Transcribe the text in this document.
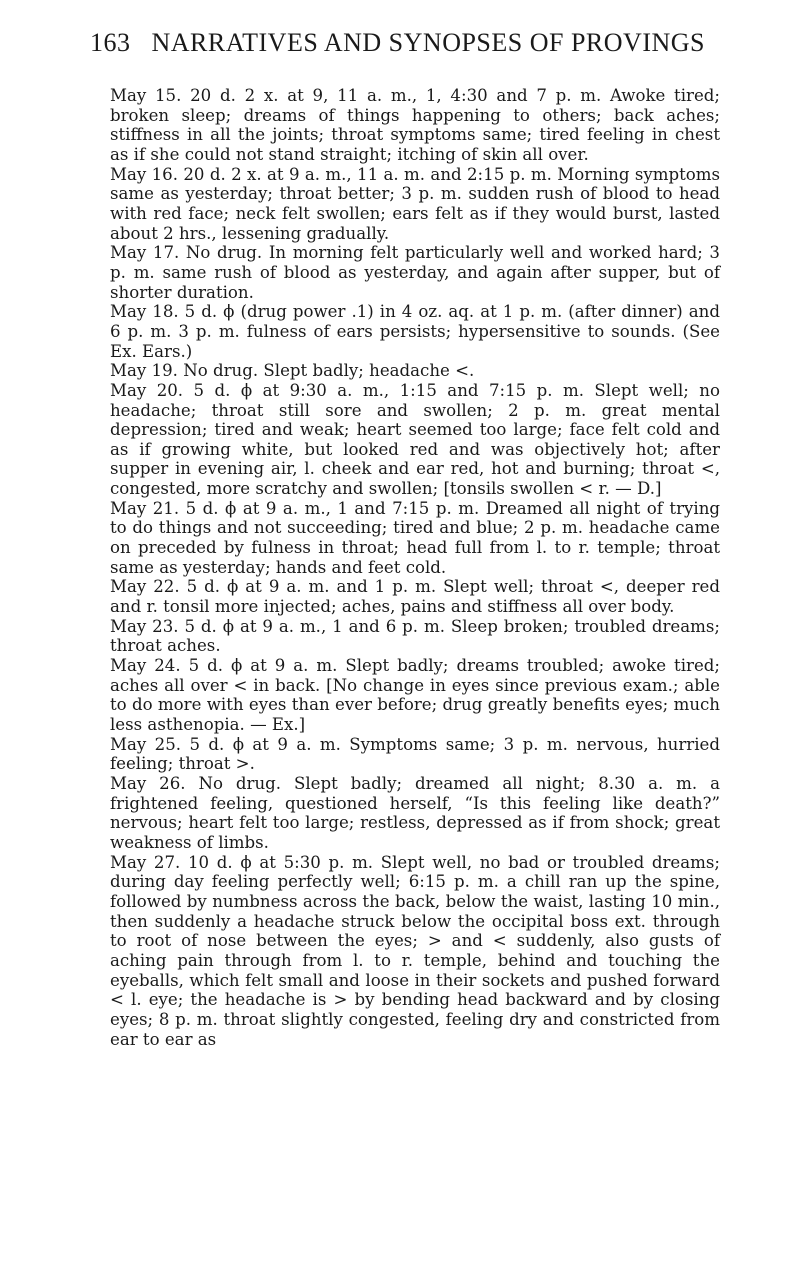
163 NARRATIVES AND SYNOPSES OF PROVINGS

May 15. 20 d. 2 x. at 9, 11 a. m., 1, 4:30 and 7 p. m. Awoke tired; broken sleep; dreams of things happening to others; back aches; stiffness in all the joints; throat symptoms same; tired feeling in chest as if she could not stand straight; itching of skin all over.

May 16. 20 d. 2 x. at 9 a. m., 11 a. m. and 2:15 p. m. Morning symptoms same as yesterday; throat better; 3 p. m. sudden rush of blood to head with red face; neck felt swollen; ears felt as if they would burst, lasted about 2 hrs., lessening gradually.

May 17. No drug. In morning felt particularly well and worked hard; 3 p. m. same rush of blood as yesterday, and again after supper, but of shorter duration.

May 18. 5 d. ϕ (drug power .1) in 4 oz. aq. at 1 p. m. (after dinner) and 6 p. m. 3 p. m. fulness of ears persists; hypersensitive to sounds. (See Ex. Ears.)

May 19. No drug. Slept badly; headache <.

May 20. 5 d. ϕ at 9:30 a. m., 1:15 and 7:15 p. m. Slept well; no headache; throat still sore and swollen; 2 p. m. great mental depression; tired and weak; heart seemed too large; face felt cold and as if growing white, but looked red and was objectively hot; after supper in evening air, l. cheek and ear red, hot and burning; throat <, congested, more scratchy and swollen; [tonsils swollen < r. — D.]

May 21. 5 d. ϕ at 9 a. m., 1 and 7:15 p. m. Dreamed all night of trying to do things and not succeeding; tired and blue; 2 p. m. headache came on preceded by fulness in throat; head full from l. to r. temple; throat same as yesterday; hands and feet cold.

May 22. 5 d. ϕ at 9 a. m. and 1 p. m. Slept well; throat <, deeper red and r. tonsil more injected; aches, pains and stiffness all over body.

May 23. 5 d. ϕ at 9 a. m., 1 and 6 p. m. Sleep broken; troubled dreams; throat aches.

May 24. 5 d. ϕ at 9 a. m. Slept badly; dreams troubled; awoke tired; aches all over < in back. [No change in eyes since previous exam.; able to do more with eyes than ever before; drug greatly benefits eyes; much less asthenopia. — Ex.]

May 25. 5 d. ϕ at 9 a. m. Symptoms same; 3 p. m. nervous, hurried feeling; throat >.

May 26. No drug. Slept badly; dreamed all night; 8.30 a. m. a frightened feeling, questioned herself, “Is this feeling like death?” nervous; heart felt too large; restless, depressed as if from shock; great weakness of limbs.

May 27. 10 d. ϕ at 5:30 p. m. Slept well, no bad or troubled dreams; during day feeling perfectly well; 6:15 p. m. a chill ran up the spine, followed by numbness across the back, below the waist, lasting 10 min., then suddenly a headache struck below the occipital boss ext. through to root of nose between the eyes; > and < suddenly, also gusts of aching pain through from l. to r. temple, behind and touching the eyeballs, which felt small and loose in their sockets and pushed forward < l. eye; the headache is > by bending head backward and by closing eyes; 8 p. m. throat slightly congested, feeling dry and constricted from ear to ear as
